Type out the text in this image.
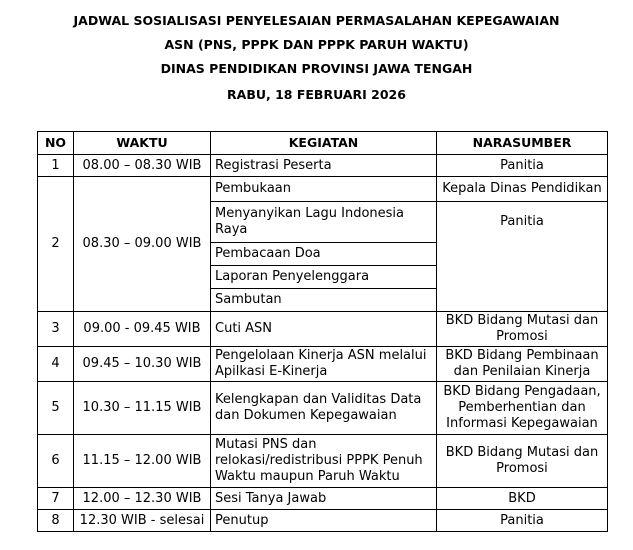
JADWAL SOSIALISASI PENYELESAIAN PERMASALAHAN KEPEGAWAIAN
ASN (PNS, PPPK DAN PPPK PARUH WAKTU)
DINAS PENDIDIKAN PROVINSI JAWA TENGAH
RABU, 18 FEBRUARI 2026
NO	WAKTU	KEGIATAN	NARASUMBER
1	08.00 – 08.30 WIB	Registrasi Peserta	Panitia
2	08.30 – 09.00 WIB	Pembukaan	Kepala Dinas Pendidikan
		Menyanyikan Lagu Indonesia Raya	Panitia
		Pembacaan Doa	
		Laporan Penyelenggara	
		Sambutan	
3	09.00 - 09.45 WIB	Cuti ASN	BKD Bidang Mutasi dan Promosi
4	09.45 – 10.30 WIB	Pengelolaan Kinerja ASN melalui Apilkasi E-Kinerja	BKD Bidang Pembinaan dan Penilaian Kinerja
5	10.30 – 11.15 WIB	Kelengkapan dan Validitas Data dan Dokumen Kepegawaian	BKD Bidang Pengadaan, Pemberhentian dan Informasi Kepegawaian
6	11.15 – 12.00 WIB	Mutasi PNS dan relokasi/redistribusi PPPK Penuh Waktu maupun Paruh Waktu	BKD Bidang Mutasi dan Promosi
7	12.00 – 12.30 WIB	Sesi Tanya Jawab	BKD
8	12.30 WIB - selesai	Penutup	Panitia
